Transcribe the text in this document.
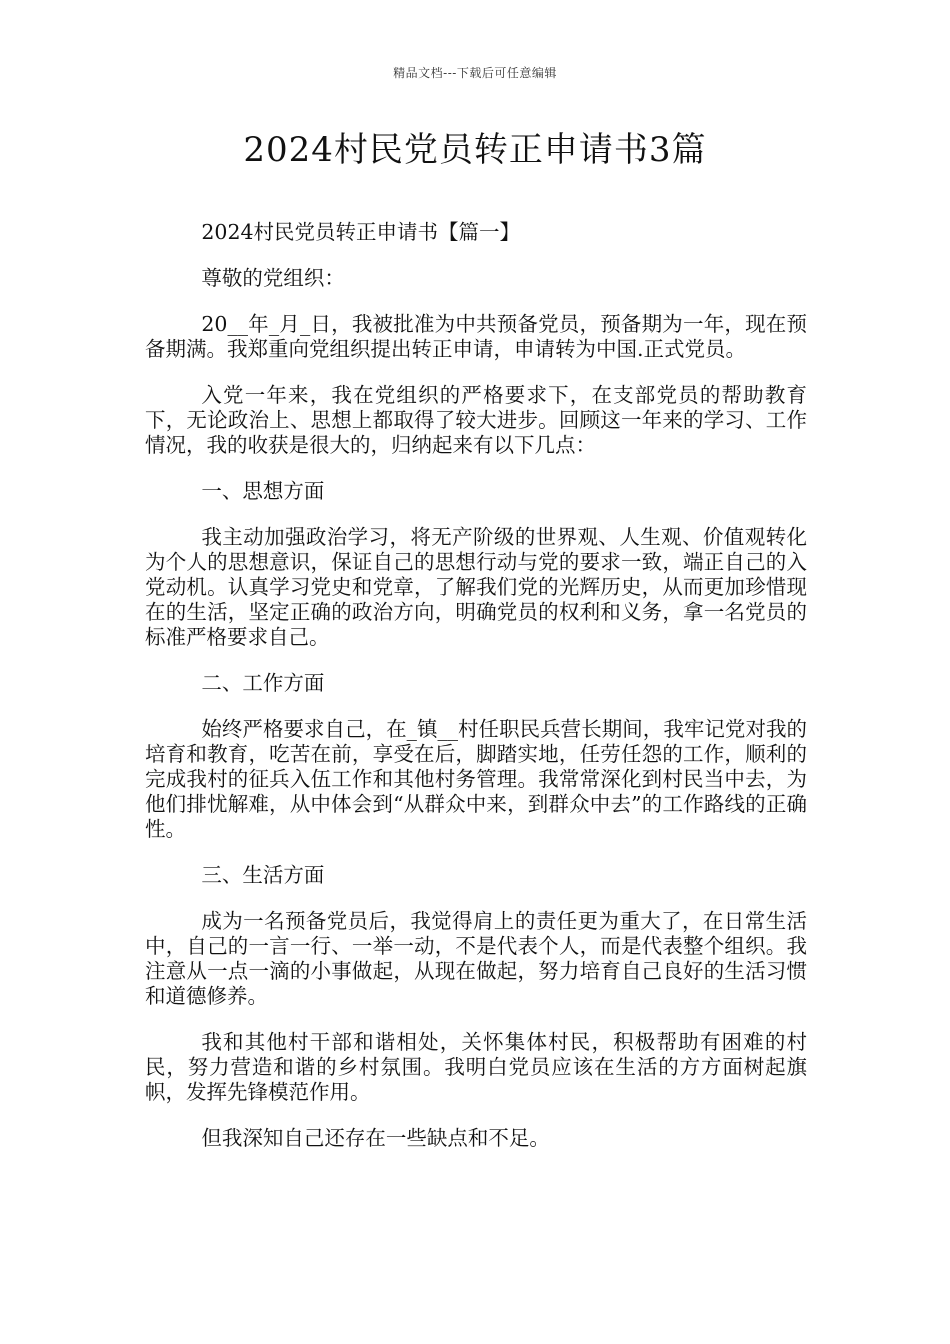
精品文档---下载后可任意编辑
2024村民党员转正申请书3篇

2024村民党员转正申请书【篇一】

尊敬的党组织：

20__年_月_日，我被批准为中共预备党员，预备期为一年，现在预备期满。我郑重向党组织提出转正申请，申请转为中国.正式党员。

入党一年来，我在党组织的严格要求下，在支部党员的帮助教育下，无论政治上、思想上都取得了较大进步。回顾这一年来的学习、工作情况，我的收获是很大的，归纳起来有以下几点：

一、思想方面

我主动加强政治学习，将无产阶级的世界观、人生观、价值观转化为个人的思想意识，保证自己的思想行动与党的要求一致，端正自己的入党动机。认真学习党史和党章，了解我们党的光辉历史，从而更加珍惜现在的生活，坚定正确的政治方向，明确党员的权利和义务，拿一名党员的标准严格要求自己。

二、工作方面

始终严格要求自己，在_镇__村任职民兵营长期间，我牢记党对我的培育和教育，吃苦在前，享受在后，脚踏实地，任劳任怨的工作，顺利的完成我村的征兵入伍工作和其他村务管理。我常常深化到村民当中去，为他们排忧解难，从中体会到“从群众中来，到群众中去”的工作路线的正确性。

三、生活方面

成为一名预备党员后，我觉得肩上的责任更为重大了，在日常生活中，自己的一言一行、一举一动，不是代表个人，而是代表整个组织。我注意从一点一滴的小事做起，从现在做起，努力培育自己良好的生活习惯和道德修养。

我和其他村干部和谐相处，关怀集体村民，积极帮助有困难的村民，努力营造和谐的乡村氛围。我明白党员应该在生活的方方面树起旗帜，发挥先锋模范作用。

但我深知自己还存在一些缺点和不足。
